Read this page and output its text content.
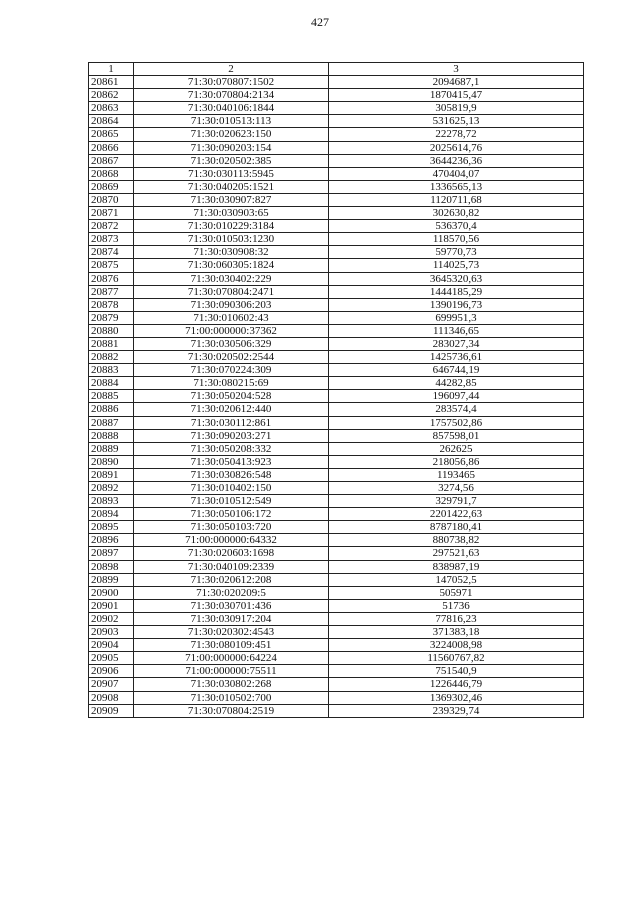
427
1	2	3
20861	71:30:070807:1502	2094687,1
20862	71:30:070804:2134	1870415,47
20863	71:30:040106:1844	305819,9
20864	71:30:010513:113	531625,13
20865	71:30:020623:150	22278,72
20866	71:30:090203:154	2025614,76
20867	71:30:020502:385	3644236,36
20868	71:30:030113:5945	470404,07
20869	71:30:040205:1521	1336565,13
20870	71:30:030907:827	1120711,68
20871	71:30:030903:65	302630,82
20872	71:30:010229:3184	536370,4
20873	71:30:010503:1230	118570,56
20874	71:30:030908:32	59770,73
20875	71:30:060305:1824	114025,73
20876	71:30:030402:229	3645320,63
20877	71:30:070804:2471	1444185,29
20878	71:30:090306:203	1390196,73
20879	71:30:010602:43	699951,3
20880	71:00:000000:37362	111346,65
20881	71:30:030506:329	283027,34
20882	71:30:020502:2544	1425736,61
20883	71:30:070224:309	646744,19
20884	71:30:080215:69	44282,85
20885	71:30:050204:528	196097,44
20886	71:30:020612:440	283574,4
20887	71:30:030112:861	1757502,86
20888	71:30:090203:271	857598,01
20889	71:30:050208:332	262625
20890	71:30:050413:923	218056,86
20891	71:30:030826:548	1193465
20892	71:30:010402:150	3274,56
20893	71:30:010512:549	329791,7
20894	71:30:050106:172	2201422,63
20895	71:30:050103:720	8787180,41
20896	71:00:000000:64332	880738,82
20897	71:30:020603:1698	297521,63
20898	71:30:040109:2339	838987,19
20899	71:30:020612:208	147052,5
20900	71:30:020209:5	505971
20901	71:30:030701:436	51736
20902	71:30:030917:204	77816,23
20903	71:30:020302:4543	371383,18
20904	71:30:080109:451	3224008,98
20905	71:00:000000:64224	11560767,82
20906	71:00:000000:75511	751540,9
20907	71:30:030802:268	1226446,79
20908	71:30:010502:700	1369302,46
20909	71:30:070804:2519	239329,74
